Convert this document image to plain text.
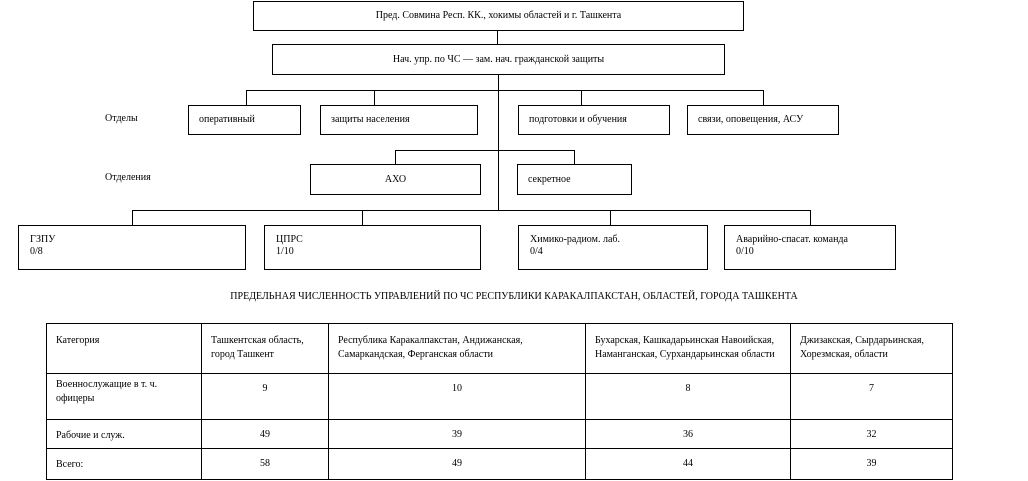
Пред. Совмина Респ. КК., хокимы областей и г. Ташкента
Нач. упр. по ЧС — зам. нач. гражданской защиты
Отделы	оперативный	защиты населения	подготовки и обучения	связи, оповещения, АСУ
Отделения	АХО	секретное
ГЗПУ
0/8
ЦПРС
1/10
Химико-радиом. лаб.
0/4
Аварийно-спасат. команда
0/10
ПРЕДЕЛЬНАЯ ЧИСЛЕННОСТЬ УПРАВЛЕНИЙ ПО ЧС РЕСПУБЛИКИ КАРАКАЛПАКСТАН, ОБЛАСТЕЙ, ГОРОДА ТАШКЕНТА
Категория	Ташкентская область, город Ташкент	Республика Каракалпакстан, Андижанская, Самаркандская, Ферганская области	Бухарская, Кашкадарьинская Навоийская, Наманганская, Сурхандарьинская области	Джизакская, Сырдарьинская, Хорезмская, области

Военнослужащие в т. ч. офицеры	9	10	8	7

Рабочие и служ.	49	39	36	32

Всего:	58	49	44	39
